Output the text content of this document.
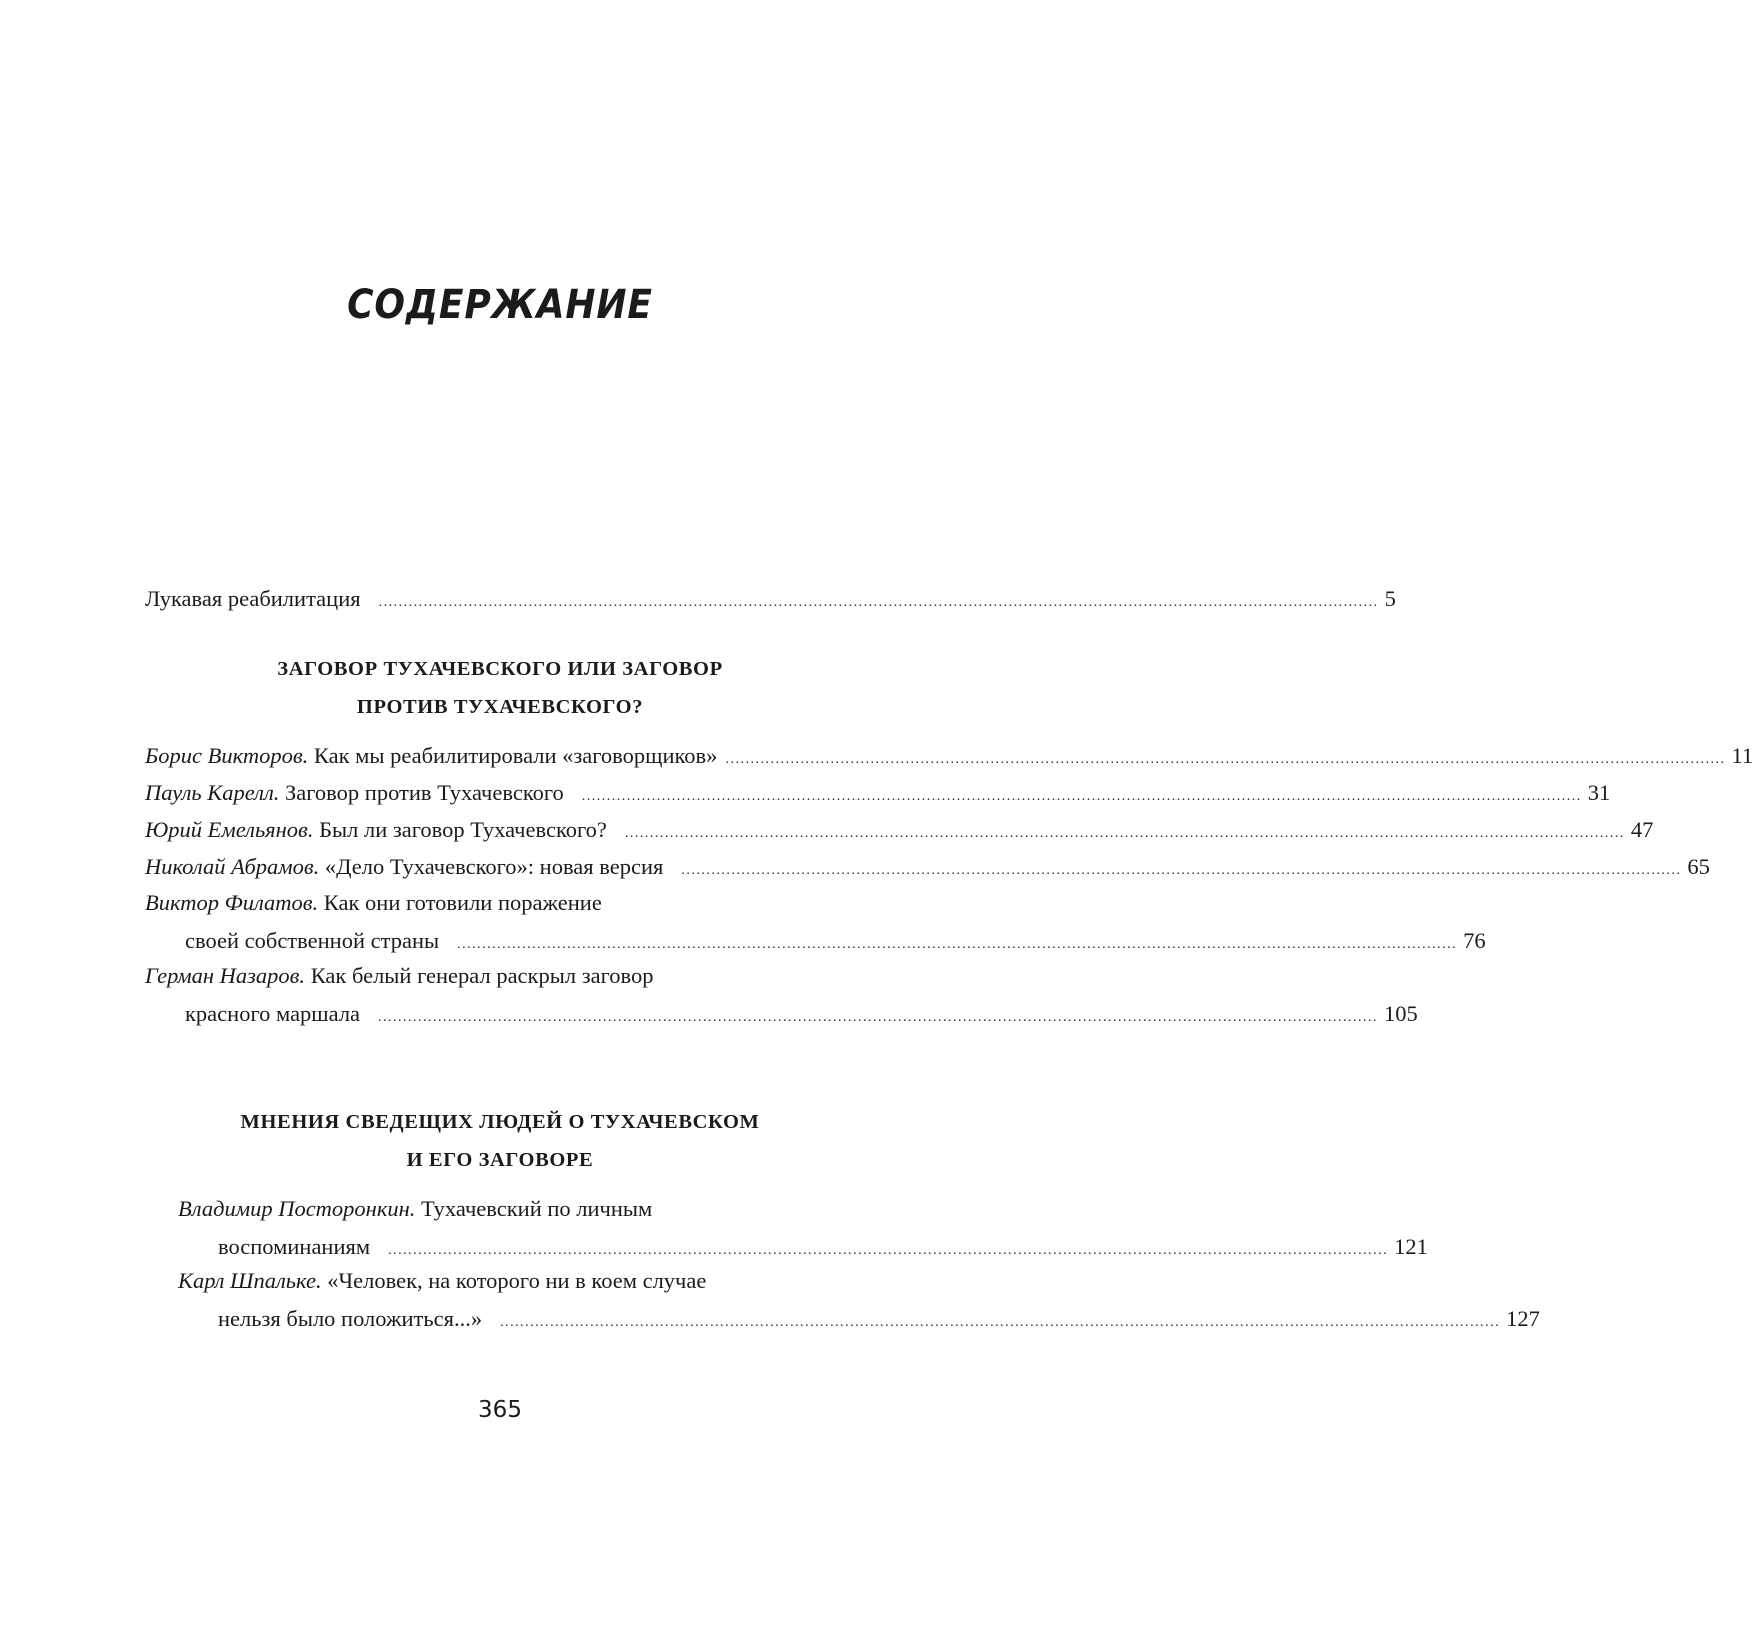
СОДЕРЖАНИЕ
Лукавая реабилитация ........................................................................................................................................................................................................ 5
ЗАГОВОР ТУХАЧЕВСКОГО ИЛИ ЗАГОВОР
ПРОТИВ ТУХАЧЕВСКОГО?
Борис Викторов. Как мы реабилитировали «заговорщиков» ........................................................................................................................................................................................................ 11
Пауль Карелл. Заговор против Тухачевского ........................................................................................................................................................................................................ 31
Юрий Емельянов. Был ли заговор Тухачевского? ........................................................................................................................................................................................................ 47
Николай Абрамов. «Дело Тухачевского»: новая версия ........................................................................................................................................................................................................ 65
Виктор Филатов. Как они готовили поражение
своей собственной страны ........................................................................................................................................................................................................ 76
Герман Назаров. Как белый генерал раскрыл заговор
красного маршала ........................................................................................................................................................................................................ 105
МНЕНИЯ СВЕДЕЩИХ ЛЮДЕЙ О ТУХАЧЕВСКОМ
И ЕГО ЗАГОВОРЕ
Владимир Посторонкин. Тухачевский по личным
воспоминаниям ........................................................................................................................................................................................................ 121
Карл Шпальке. «Человек, на которого ни в коем случае
нельзя было положиться...» ........................................................................................................................................................................................................ 127
365
